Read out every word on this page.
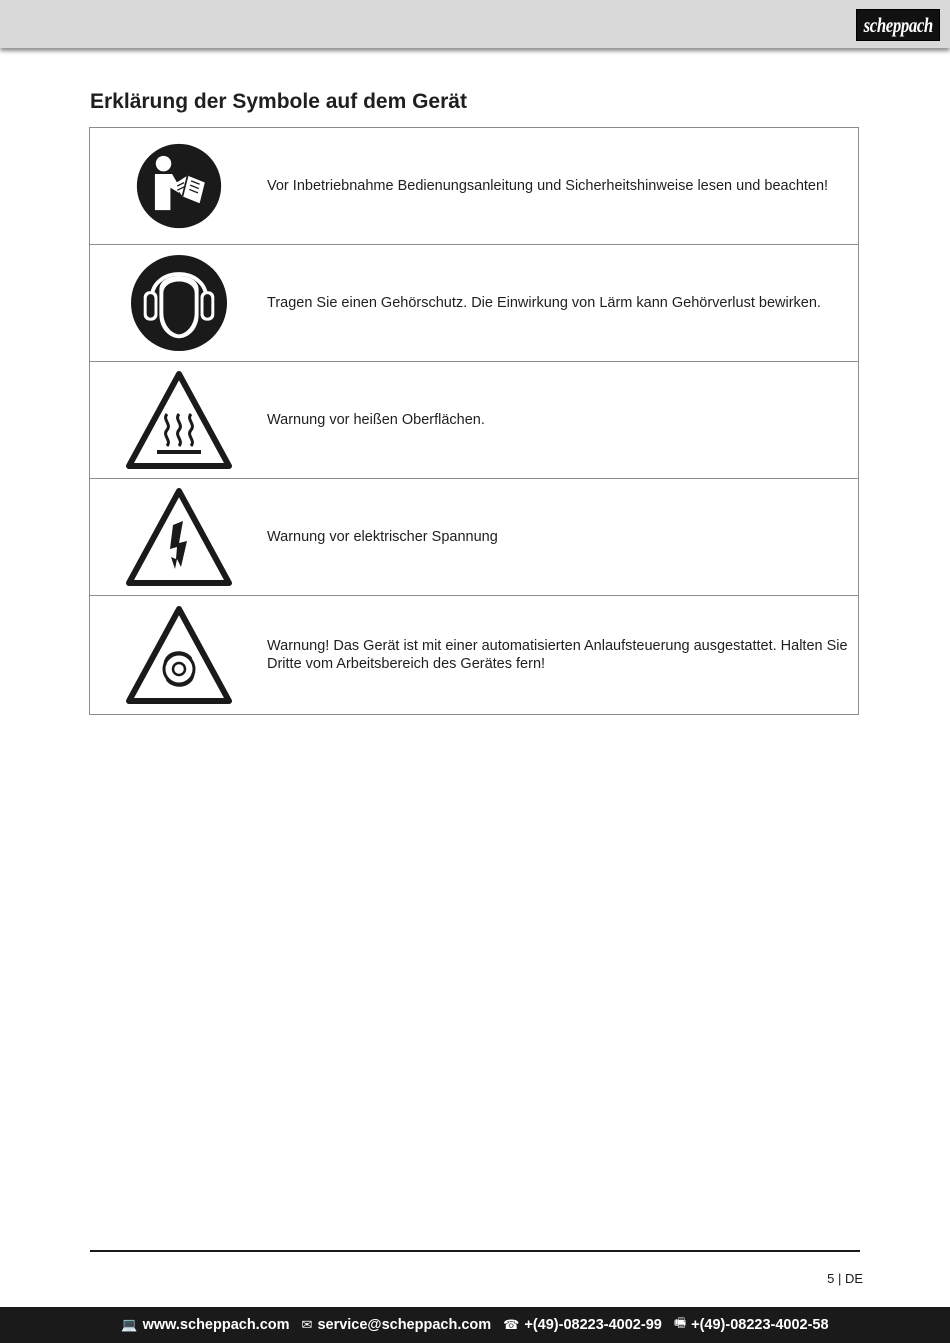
scheppach
Erklärung der Symbole auf dem Gerät
Vor Inbetriebnahme Bedienungsanleitung und Sicherheitshinweise lesen und beachten!
Tragen Sie einen Gehörschutz. Die Einwirkung von Lärm kann Gehörverlust bewirken.
Warnung vor heißen Oberflächen.
Warnung vor elektrischer Spannung
Warnung! Das Gerät ist mit einer automatisierten Anlaufsteuerung ausgestattet. Halten Sie Dritte vom Arbeitsbereich des Gerätes fern!
5 | DE
💻 www.scheppach.com ✉ service@scheppach.com ☎ +(49)-08223-4002-99 🖷 +(49)-08223-4002-58
